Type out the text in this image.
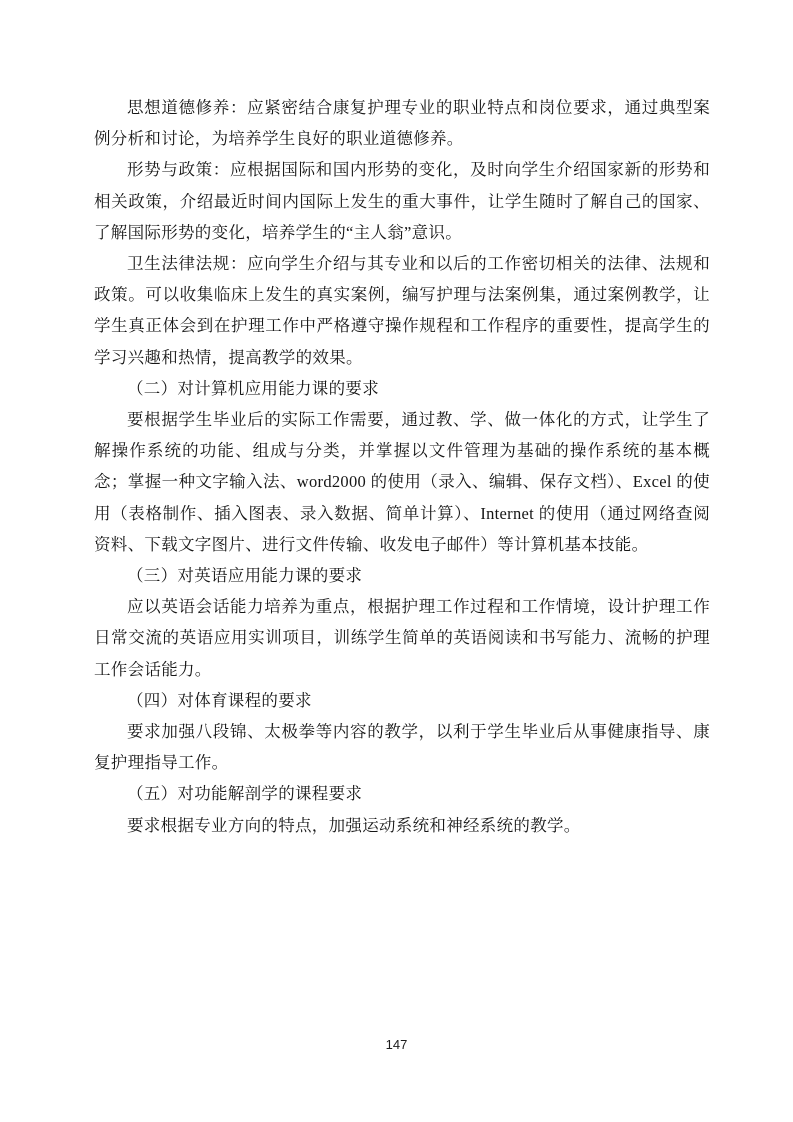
思想道德修养：应紧密结合康复护理专业的职业特点和岗位要求，通过典型案例分析和讨论，为培养学生良好的职业道德修养。

形势与政策：应根据国际和国内形势的变化，及时向学生介绍国家新的形势和相关政策，介绍最近时间内国际上发生的重大事件，让学生随时了解自己的国家、了解国际形势的变化，培养学生的“主人翁”意识。

卫生法律法规：应向学生介绍与其专业和以后的工作密切相关的法律、法规和政策。可以收集临床上发生的真实案例，编写护理与法案例集，通过案例教学，让学生真正体会到在护理工作中严格遵守操作规程和工作程序的重要性，提高学生的学习兴趣和热情，提高教学的效果。

（二）对计算机应用能力课的要求

要根据学生毕业后的实际工作需要，通过教、学、做一体化的方式，让学生了解操作系统的功能、组成与分类，并掌握以文件管理为基础的操作系统的基本概念；掌握一种文字输入法、word2000 的使用（录入、编辑、保存文档）、Excel 的使用（表格制作、插入图表、录入数据、简单计算）、Internet 的使用（通过网络查阅资料、下载文字图片、进行文件传输、收发电子邮件）等计算机基本技能。

（三）对英语应用能力课的要求

应以英语会话能力培养为重点，根据护理工作过程和工作情境，设计护理工作日常交流的英语应用实训项目，训练学生简单的英语阅读和书写能力、流畅的护理工作会话能力。

（四）对体育课程的要求

要求加强八段锦、太极拳等内容的教学，以利于学生毕业后从事健康指导、康复护理指导工作。

（五）对功能解剖学的课程要求

要求根据专业方向的特点，加强运动系统和神经系统的教学。

147
